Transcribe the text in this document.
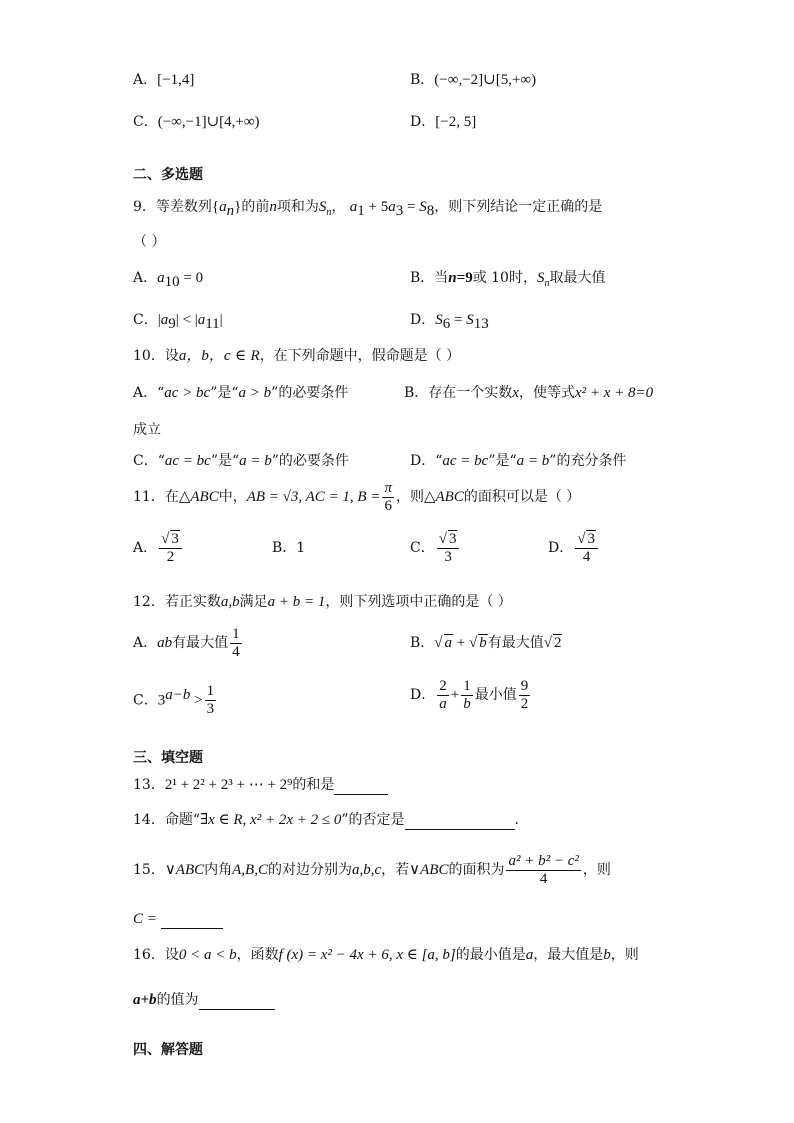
A．[−1,4]	B．(−∞,−2]∪[5,+∞)
C．(−∞,−1]∪[4,+∞)	D．[−2, 5]
二、多选题
9．等差数列$\{a_n\}$的前n项和为$S_n$， $a_1 + 5a_3 = S_8$，则下列结论一定正确的是
（ ）
A．$a_{10} = 0$	B．当n=9或 10时，$S_n$取最大值
C．$|a_9| < |a_{11}|$	D．$S_6 = S_{13}$
10．设a，b，c ∈ R，在下列命题中，假命题是（ ）
A．“ac > bc”是“a > b”的必要条件	B．存在一个实数x，使等式x² + x + 8=0
成立
C．“ac = bc”是“a = b”的必要条件	D．“ac = bc”是“a = b”的充分条件
11．在△ABC中，AB = √3, AC = 1, $B = \frac{\pi}{6}$ ，则△ABC的面积可以是（ ）
A． $\frac{√ 3}{2}$	B．1	C． $\frac{√ 3}{3}$	D． $\frac{√ 3}{4}$
12．若正实数a,b满足a + b = 1，则下列选项中正确的是（ ）
A．ab有最大值 $\frac{1}{4}$	B．√ a + √ b有最大值√ 2
C．$3^{a-b} > \frac{1}{3}$	D． $\frac{2}{a} + \frac{1}{b}$ 最小值 $\frac{9}{2}$
三、填空题
13．2¹ + 2² + 2³ + ⋯ + 2⁹的和是
14．命题“∃x ∈ R, x² + 2x + 2 ≤ 0”的否定是	.
15．∨ABC内角A,B,C的对边分别为a,b,c，若∨ABC的面积为 $\frac{\text{a² + b² − c²}}{4}$ ，则
C =
16．设0 < a < b，函数f (x) = x² − 4x + 6, x ∈ [a, b]的最小值是a，最大值是b，则
a+b的值为
四、解答题
